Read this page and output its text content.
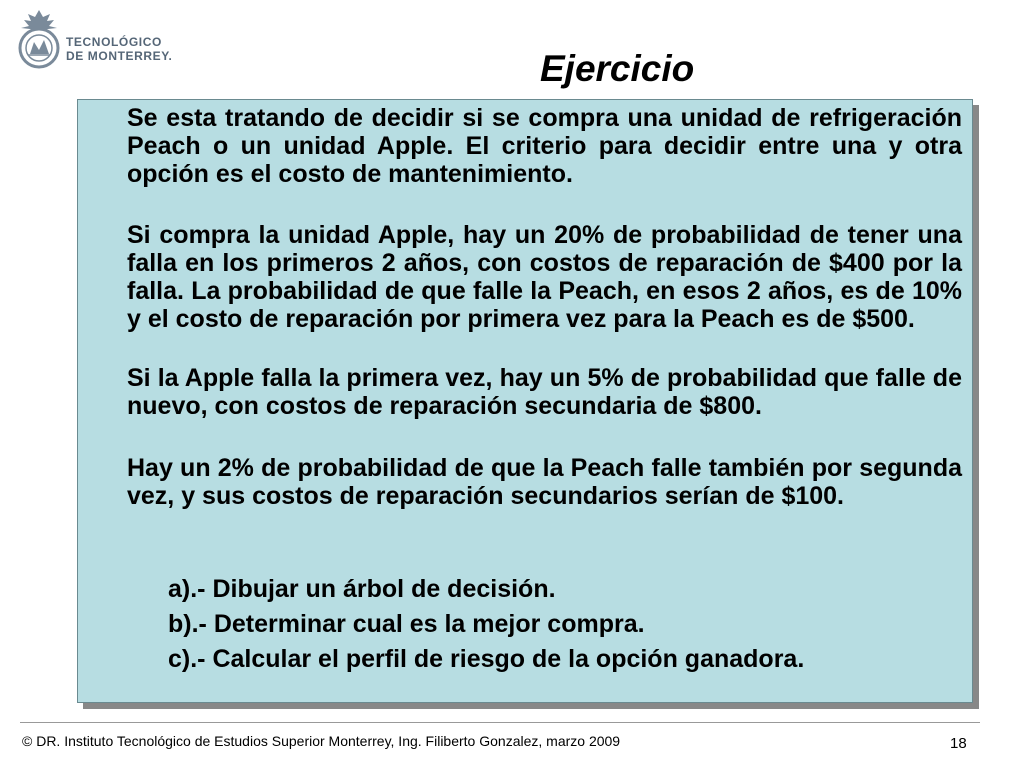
TECNOLÓGICO
DE MONTERREY.	Ejercicio

Se esta tratando de decidir si se compra una unidad de refrigeración Peach o un unidad Apple. El criterio para decidir entre una y otra opción es el costo de mantenimiento.

Si compra la unidad Apple, hay un 20% de probabilidad de tener una falla en los primeros 2 años, con costos de reparación de $400 por la falla. La probabilidad de que falle la Peach, en esos 2 años, es de 10% y el costo de reparación por primera vez para la Peach es de $500.

Si la Apple falla la primera vez, hay un 5% de probabilidad que falle de nuevo, con costos de reparación secundaria de $800.

Hay un 2% de probabilidad de que la Peach falle también por segunda vez, y sus costos de reparación secundarios serían de $100.

a).- Dibujar un árbol de decisión.
b).- Determinar cual es la mejor compra.
c).- Calcular el perfil de riesgo de la opción ganadora.
© DR. Instituto Tecnológico de Estudios Superior Monterrey, Ing. Filiberto Gonzalez, marzo 2009	18
